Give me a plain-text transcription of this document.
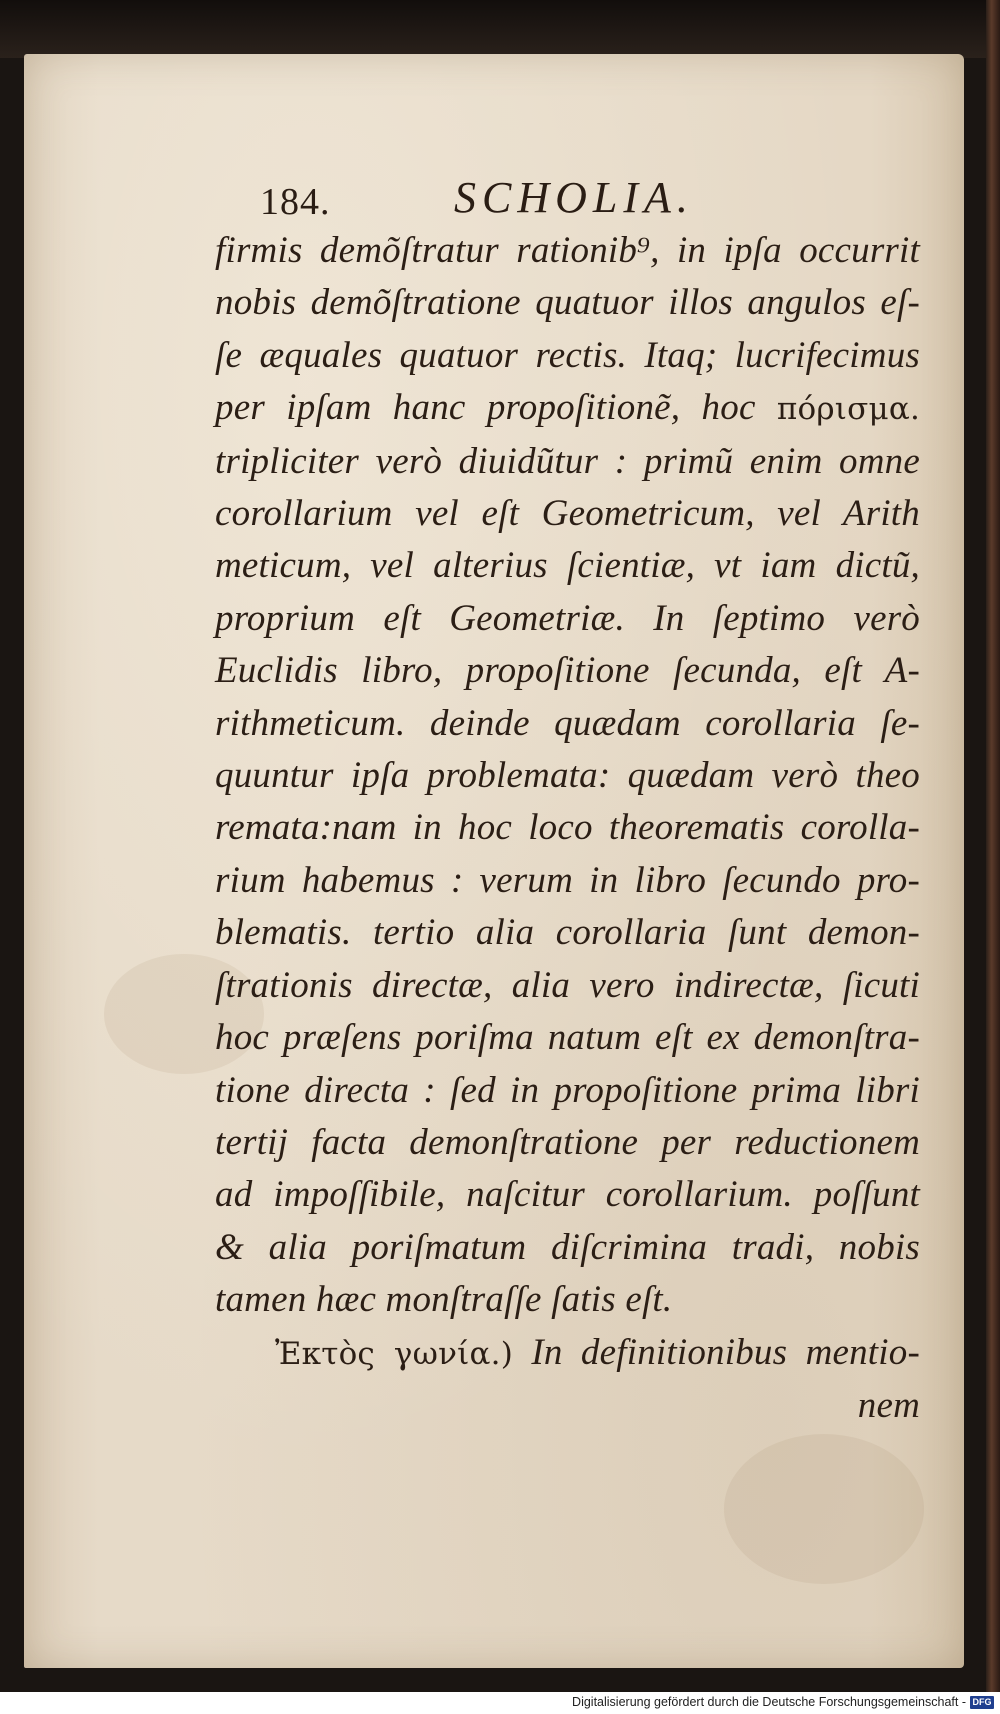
184.	SCHOLIA.
firmis demõſtratur rationib⁹, in ipſa occurrit
nobis demõſtratione quatuor illos angulos eſ-
ſe æquales quatuor rectis. Itaq; lucrifecimus
per ipſam hanc propoſitionẽ, hoc πόρισμα.
tripliciter verò diuidũtur : primũ enim omne
corollarium vel eſt Geometricum, vel Arith
meticum, vel alterius ſcientiæ, vt iam dictũ,
proprium eſt Geometriæ. In ſeptimo verò
Euclidis libro, propoſitione ſecunda, eſt A-
rithmeticum. deinde quædam corollaria ſe-
quuntur ipſa problemata: quædam verò theo
remata:nam in hoc loco theorematis corolla-
rium habemus : verum in libro ſecundo pro-
blematis. tertio alia corollaria ſunt demon-
ſtrationis directæ, alia vero indirectæ, ſicuti
hoc præſens poriſma natum eſt ex demonſtra-
tione directa : ſed in propoſitione prima libri
tertij facta demonſtratione per reductionem
ad impoſſibile, naſcitur corollarium. poſſunt
& alia poriſmatum diſcrimina tradi, nobis
tamen hæc monſtraſſe ſatis eſt.
Ἐκτὸς γωνία.) In definitionibus mentio-
nem
Digitalisierung gefördert durch die Deutsche Forschungsgemeinschaft - DFG
